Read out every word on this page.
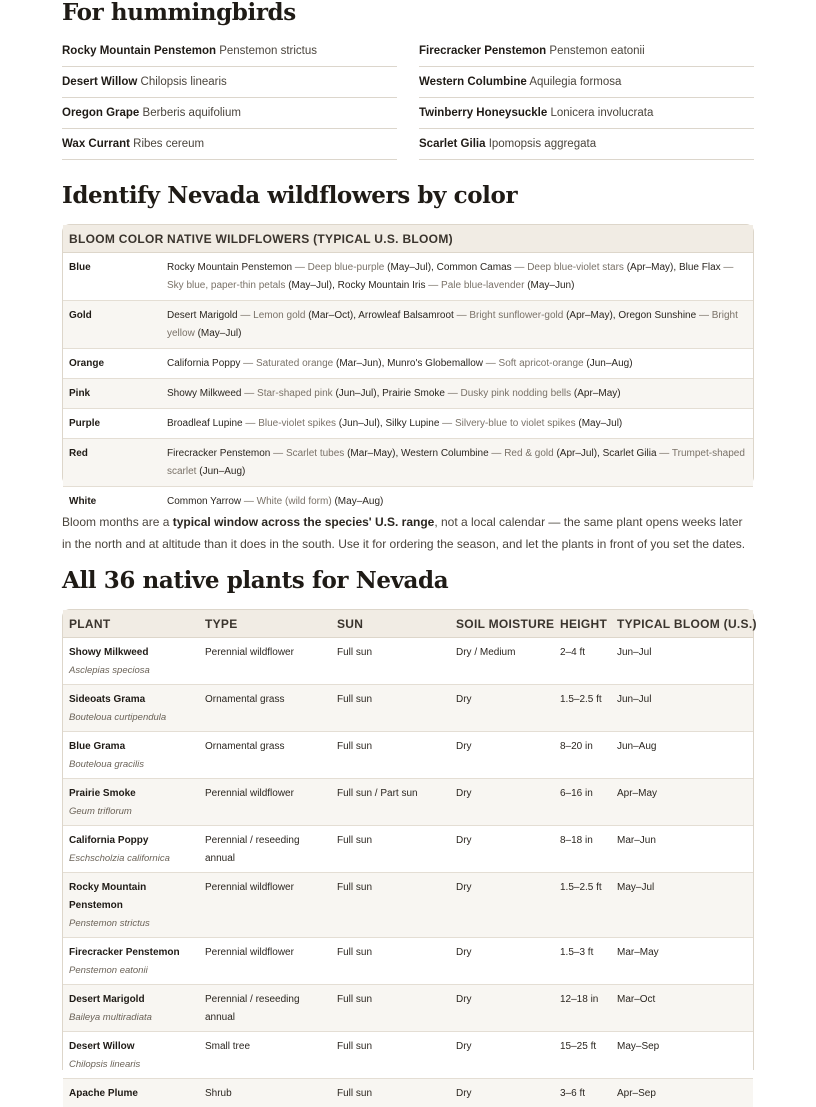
For hummingbirds
Rocky Mountain Penstemon Penstemon strictus
Desert Willow Chilopsis linearis
Oregon Grape Berberis aquifolium
Wax Currant Ribes cereum
Firecracker Penstemon Penstemon eatonii
Western Columbine Aquilegia formosa
Twinberry Honeysuckle Lonicera involucrata
Scarlet Gilia Ipomopsis aggregata
Identify Nevada wildflowers by color
BLOOM COLOR	NATIVE WILDFLOWERS (TYPICAL U.S. BLOOM)
Blue	Rocky Mountain Penstemon — Deep blue-purple (May–Jul), Common Camas — Deep blue-violet stars (Apr–May), Blue Flax — Sky blue, paper-thin petals (May–Jul), Rocky Mountain Iris — Pale blue-lavender (May–Jun)
Gold	Desert Marigold — Lemon gold (Mar–Oct), Arrowleaf Balsamroot — Bright sunflower-gold (Apr–May), Oregon Sunshine — Bright yellow (May–Jul)
Orange	California Poppy — Saturated orange (Mar–Jun), Munro's Globemallow — Soft apricot-orange (Jun–Aug)
Pink	Showy Milkweed — Star-shaped pink (Jun–Jul), Prairie Smoke — Dusky pink nodding bells (Apr–May)
Purple	Broadleaf Lupine — Blue-violet spikes (Jun–Jul), Silky Lupine — Silvery-blue to violet spikes (May–Jul)
Red	Firecracker Penstemon — Scarlet tubes (Mar–May), Western Columbine — Red & gold (Apr–Jul), Scarlet Gilia — Trumpet-shaped scarlet (Jun–Aug)
White	Common Yarrow — White (wild form) (May–Aug)

Bloom months are a typical window across the species' U.S. range, not a local calendar — the same plant opens weeks later in the north and at altitude than it does in the south. Use it for ordering the season, and let the plants in front of you set the dates.

All 36 native plants for Nevada
PLANT	TYPE	SUN	SOIL MOISTURE	HEIGHT	TYPICAL BLOOM (U.S.)

Showy Milkweed
Asclepias speciosa	Perennial wildflower	Full sun	Dry / Medium	2–4 ft	Jun–Jul

Sideoats Grama
Bouteloua curtipendula	Ornamental grass	Full sun	Dry	1.5–2.5 ft	Jun–Jul

Blue Grama
Bouteloua gracilis	Ornamental grass	Full sun	Dry	8–20 in	Jun–Aug

Prairie Smoke
Geum triflorum	Perennial wildflower	Full sun / Part sun	Dry	6–16 in	Apr–May

California Poppy
Eschscholzia californica	Perennial / reseeding annual	Full sun	Dry	8–18 in	Mar–Jun

Rocky Mountain Penstemon
Penstemon strictus	Perennial wildflower	Full sun	Dry	1.5–2.5 ft	May–Jul

Firecracker Penstemon
Penstemon eatonii	Perennial wildflower	Full sun	Dry	1.5–3 ft	Mar–May

Desert Marigold
Baileya multiradiata	Perennial / reseeding annual	Full sun	Dry	12–18 in	Mar–Oct

Desert Willow
Chilopsis linearis	Small tree	Full sun	Dry	15–25 ft	May–Sep

Apache Plume	Shrub	Full sun	Dry	3–6 ft	Apr–Sep
